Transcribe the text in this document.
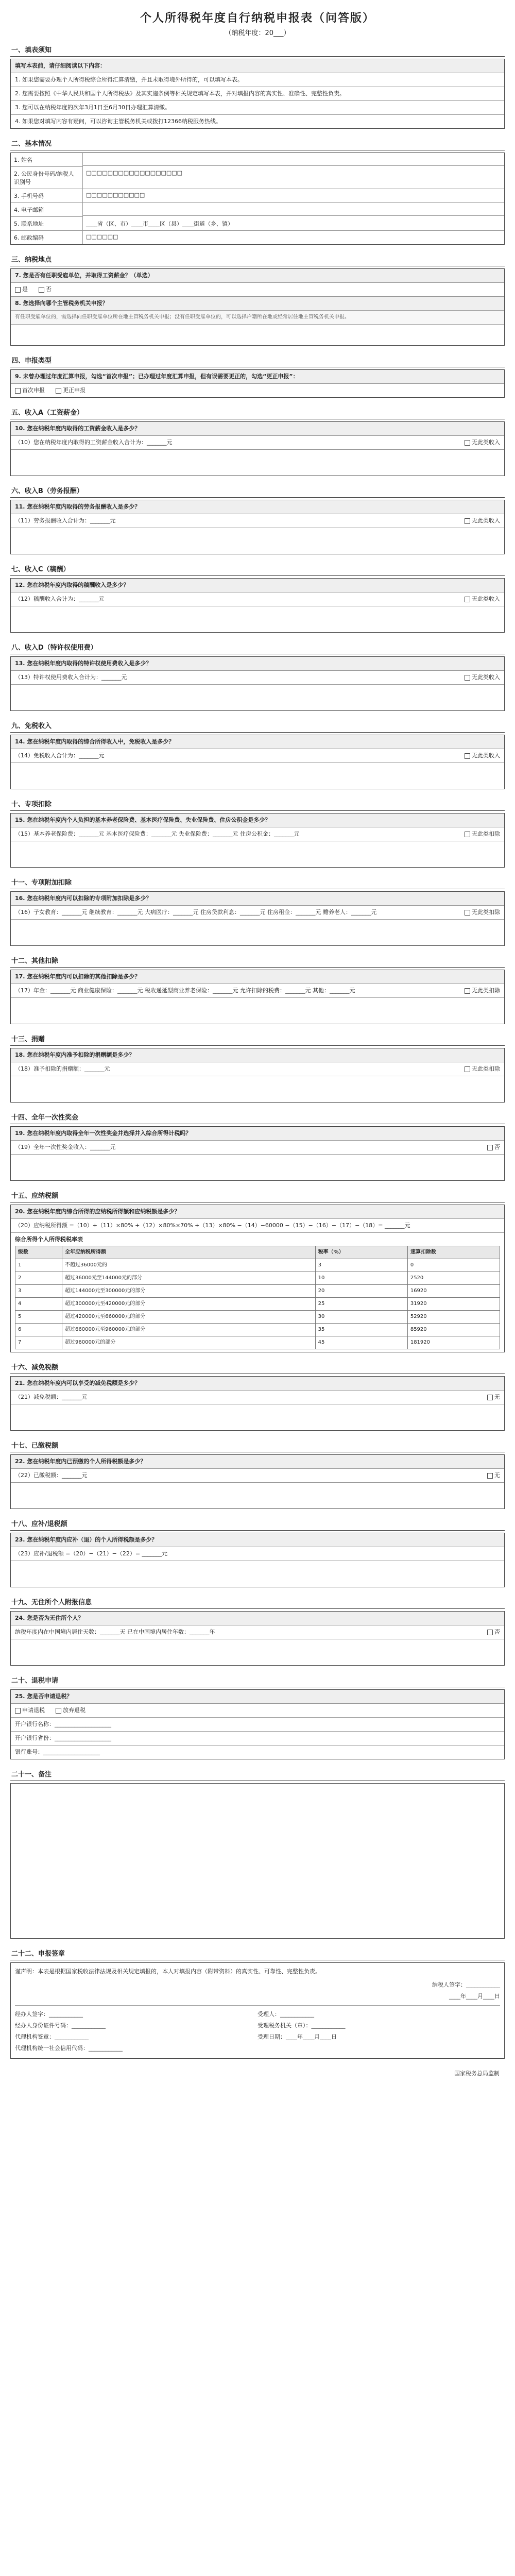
个人所得税年度自行纳税申报表（问答版）
（纳税年度：20___）
一、填表须知
填写本表前，请仔细阅读以下内容：
1. 如果您需要办理个人所得税综合所得汇算清缴，并且未取得境外所得的，可以填写本表。
2. 您需要按照《中华人民共和国个人所得税法》及其实施条例等相关规定填写本表，并对填报内容的真实性、准确性、完整性负责。
3. 您可以在纳税年度的次年3月1日至6月30日办理汇算清缴。
4. 如果您对填写内容有疑问，可以咨询主管税务机关或拨打12366纳税服务热线。
二、基本情况
1. 姓名
2. 公民身份号码/纳税人识别号
□□□□□□□□□□□□□□□□□□
3. 手机号码	□□□□□□□□□□□
4. 电子邮箱
5. 联系地址	____省（区、市）____市____区（县）____街道（乡、镇）
6. 邮政编码	□□□□□□
三、纳税地点
7. 您是否有任职受雇单位，并取得工资薪金？（单选）
是	否
8. 您选择向哪个主管税务机关申报？
有任职受雇单位的，需选择向任职受雇单位所在地主管税务机关申报；没有任职受雇单位的，可以选择户籍所在地或经常居住地主管税务机关申报。
四、申报类型
9. 未曾办理过年度汇算申报，勾选“首次申报”；已办理过年度汇算申报，但有误需要更正的，勾选“更正申报”：
首次申报	更正申报
五、收入A（工资薪金）
10. 您在纳税年度内取得的工资薪金收入是多少？
（10）您在纳税年度内取得的工资薪金收入合计为：_______元	无此类收入
六、收入B（劳务报酬）
11. 您在纳税年度内取得的劳务报酬收入是多少？
（11）劳务报酬收入合计为：_______元	无此类收入
七、收入C（稿酬）
12. 您在纳税年度内取得的稿酬收入是多少？
（12）稿酬收入合计为：_______元	无此类收入
八、收入D（特许权使用费）
13. 您在纳税年度内取得的特许权使用费收入是多少？
（13）特许权使用费收入合计为：_______元	无此类收入
九、免税收入
14. 您在纳税年度内取得的综合所得收入中，免税收入是多少？
（14）免税收入合计为：_______元	无此类收入
十、专项扣除
15. 您在纳税年度内个人负担的基本养老保险费、基本医疗保险费、失业保险费、住房公积金是多少？
（15）基本养老保险费：_______元 基本医疗保险费：_______元 失业保险费：_______元 住房公积金：_______元	无此类扣除
十一、专项附加扣除
16. 您在纳税年度内可以扣除的专项附加扣除是多少？
（16）子女教育：_______元 继续教育：_______元 大病医疗：_______元 住房贷款利息：_______元 住房租金：_______元 赡养老人：_______元	无此类扣除
十二、其他扣除
17. 您在纳税年度内可以扣除的其他扣除是多少？
（17）年金：_______元 商业健康保险：_______元 税收递延型商业养老保险：_______元 允许扣除的税费：_______元 其他：_______元	无此类扣除
十三、捐赠
18. 您在纳税年度内准予扣除的捐赠额是多少？
（18）准予扣除的捐赠额：_______元	无此类扣除
十四、全年一次性奖金
19. 您在纳税年度内取得全年一次性奖金并选择并入综合所得计税吗？
（19）全年一次性奖金收入：_______元	否
十五、应纳税额
20. 您在纳税年度内综合所得的应纳税所得额和应纳税额是多少？
（20）应纳税所得额 =（10）+（11）×80% +（12）×80%×70% +（13）×80% −（14）−60000 −（15）−（16）−（17）−（18）= _______元
综合所得个人所得税税率表
级数	全年应纳税所得额	税率（%）	速算扣除数
1	不超过36000元的	3	0
2	超过36000元至144000元的部分	10	2520
3	超过144000元至300000元的部分	20	16920
4	超过300000元至420000元的部分	25	31920
5	超过420000元至660000元的部分	30	52920
6	超过660000元至960000元的部分	35	85920
7	超过960000元的部分	45	181920
十六、减免税额
21. 您在纳税年度内可以享受的减免税额是多少？
（21）减免税额：_______元	无
十七、已缴税额
22. 您在纳税年度内已预缴的个人所得税额是多少？
（22）已缴税额：_______元	无
十八、应补/退税额
23. 您在纳税年度内应补（退）的个人所得税额是多少？
（23）应补/退税额 =（20）−（21）−（22）= _______元
十九、无住所个人附报信息
24. 您是否为无住所个人？
纳税年度内在中国境内居住天数：_______天 已在中国境内居住年数：_______年	否
二十、退税申请
25. 您是否申请退税？
申请退税	放弃退税
开户银行名称：____________________
开户银行省份：____________________
银行账号：____________________
二十一、备注
二十二、申报签章
谨声明：本表是根据国家税收法律法规及相关规定填报的，本人对填报内容（附带资料）的真实性、可靠性、完整性负责。
纳税人签字：____________
____年____月____日
经办人签字：____________	受理人：____________
经办人身份证件号码：____________	受理税务机关（章）：____________
代理机构签章：____________	受理日期：____年____月____日
代理机构统一社会信用代码：____________
国家税务总局监制
